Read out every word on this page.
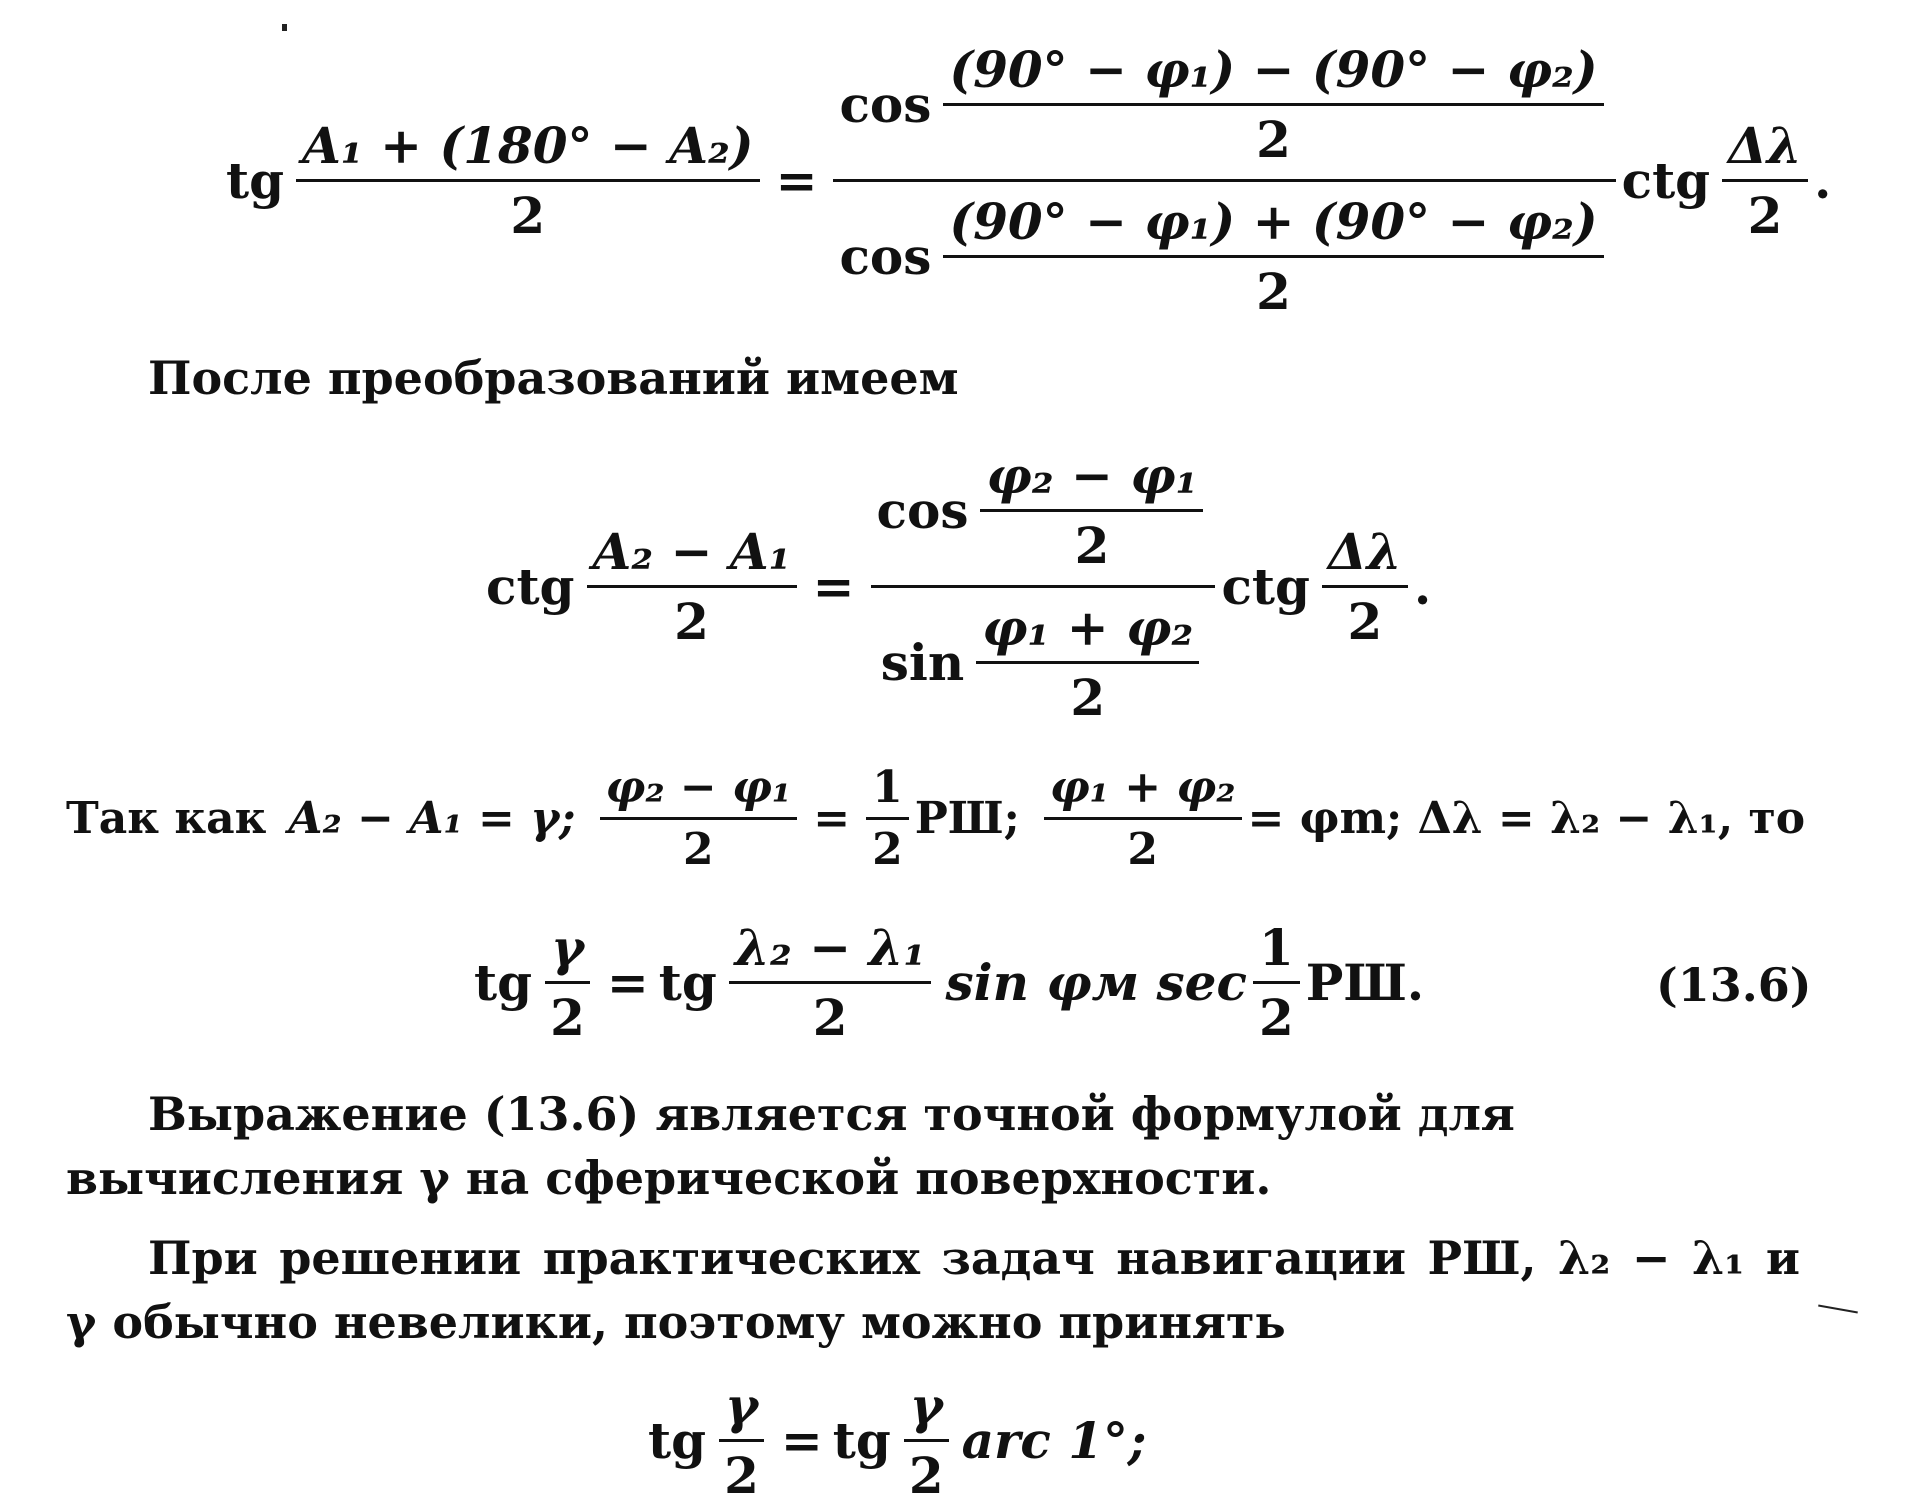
tg $\frac{\text{A₁ + (180° − A₂)}}{2} = \frac{\cos \frac{\text{(90° − φ₁) − (90° − φ₂)}}{2}}{\cos \frac{\text{(90° − φ₁) + (90° − φ₂)}}{2}}$ ctg $\frac{\Delta\lambda}{2}$ .
После преобразований имеем
ctg $\frac{\text{A₂ − A₁}}{2} = \frac{\cos \frac{\text{φ₂ − φ₁}}{2}}{\sin \frac{\text{φ₁ + φ₂}}{2}}$ ctg $\frac{\Delta\lambda}{2}$ .
Так как A₂ − A₁ = γ; $\frac{\text{φ₂ − φ₁}}{2} = \frac{1}{2}$ РШ; $\frac{\text{φ₁ + φ₂}}{2} = \varphi m$; Δλ = λ₂ − λ₁, то
tg $\frac{\gamma}{2}$ = tg $\frac{\text{λ₂ − λ₁}}{2}$ sin φм $\sec \frac{1}{2}$ РШ.	(13.6)
Выражение (13.6) является точной формулой для вычисления γ на сферической поверхности.
При решении практических задач навигации РШ, λ₂ − λ₁ и
γ обычно невелики, поэтому можно принять
tg $\frac{\gamma}{2}$ = tg $\frac{\gamma}{2}$ arc 1°;
